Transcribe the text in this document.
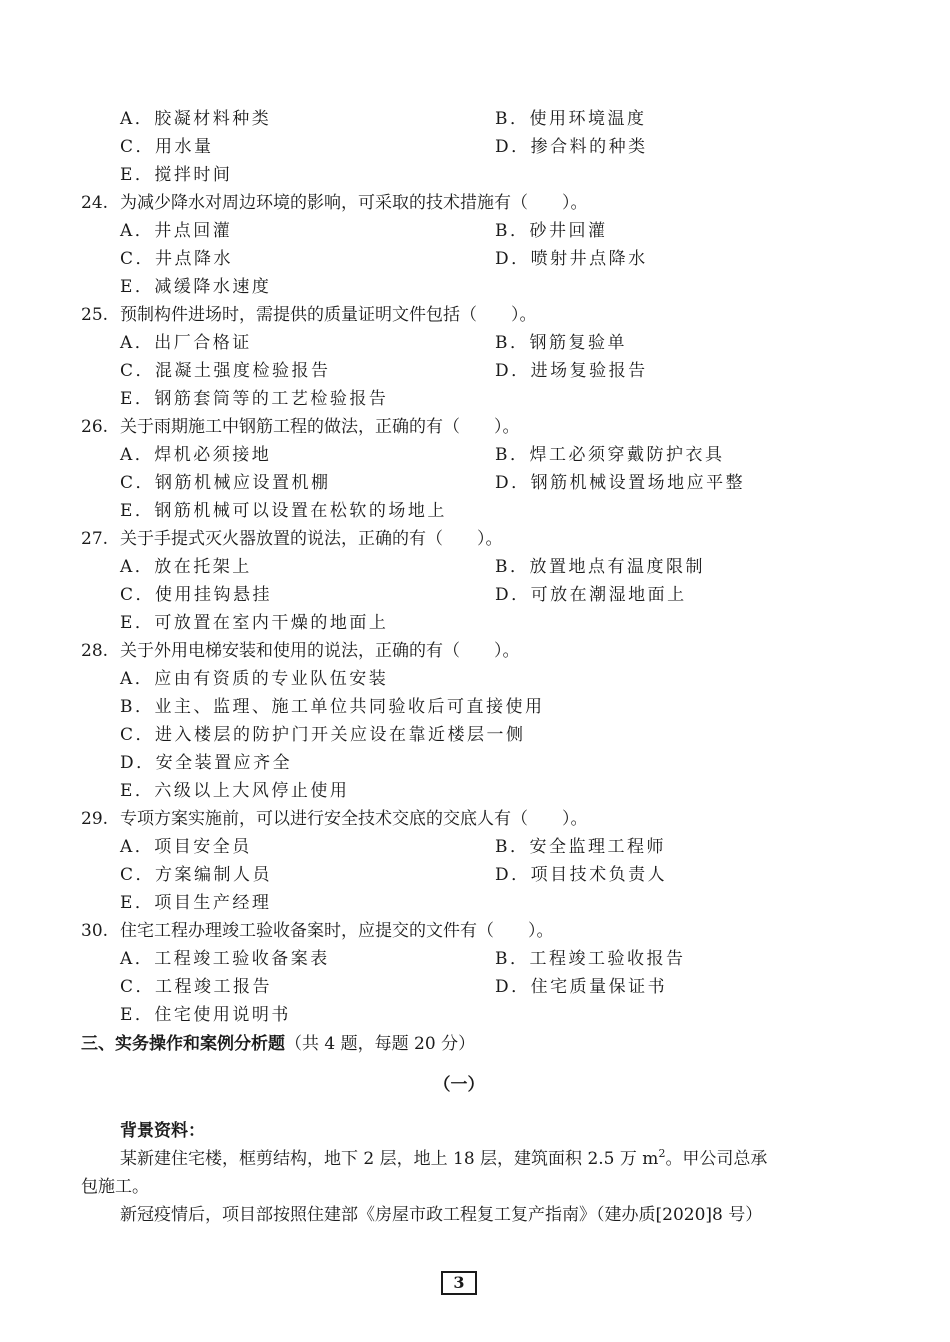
A．胶凝材料种类	B．使用环境温度
C．用水量	D．掺合料的种类
E．搅拌时间
24. 为减少降水对周边环境的影响，可采取的技术措施有（　　）。
A．井点回灌	B．砂井回灌
C．井点降水	D．喷射井点降水
E．减缓降水速度
25. 预制构件进场时，需提供的质量证明文件包括（　　）。
A．出厂合格证	B．钢筋复验单
C．混凝土强度检验报告	D．进场复验报告
E．钢筋套筒等的工艺检验报告
26. 关于雨期施工中钢筋工程的做法，正确的有（　　）。
A．焊机必须接地	B．焊工必须穿戴防护衣具
C．钢筋机械应设置机棚	D．钢筋机械设置场地应平整
E．钢筋机械可以设置在松软的场地上
27. 关于手提式灭火器放置的说法，正确的有（　　）。
A．放在托架上	B．放置地点有温度限制
C．使用挂钩悬挂	D．可放在潮湿地面上
E．可放置在室内干燥的地面上
28. 关于外用电梯安装和使用的说法，正确的有（　　）。
A．应由有资质的专业队伍安装
B．业主、监理、施工单位共同验收后可直接使用
C．进入楼层的防护门开关应设在靠近楼层一侧
D．安全装置应齐全
E．六级以上大风停止使用
29. 专项方案实施前，可以进行安全技术交底的交底人有（　　）。
A．项目安全员	B．安全监理工程师
C．方案编制人员	D．项目技术负责人
E．项目生产经理
30. 住宅工程办理竣工验收备案时，应提交的文件有（　　）。
A．工程竣工验收备案表	B．工程竣工验收报告
C．工程竣工报告	D．住宅质量保证书
E．住宅使用说明书
三、实务操作和案例分析题（共 4 题，每题 20 分）
（一）
背景资料：
某新建住宅楼，框剪结构，地下 2 层，地上 18 层，建筑面积 2.5 万 $m^2$。甲公司总承
包施工。
新冠疫情后，项目部按照住建部《房屋市政工程复工复产指南》（建办质[2020]8 号）
3
